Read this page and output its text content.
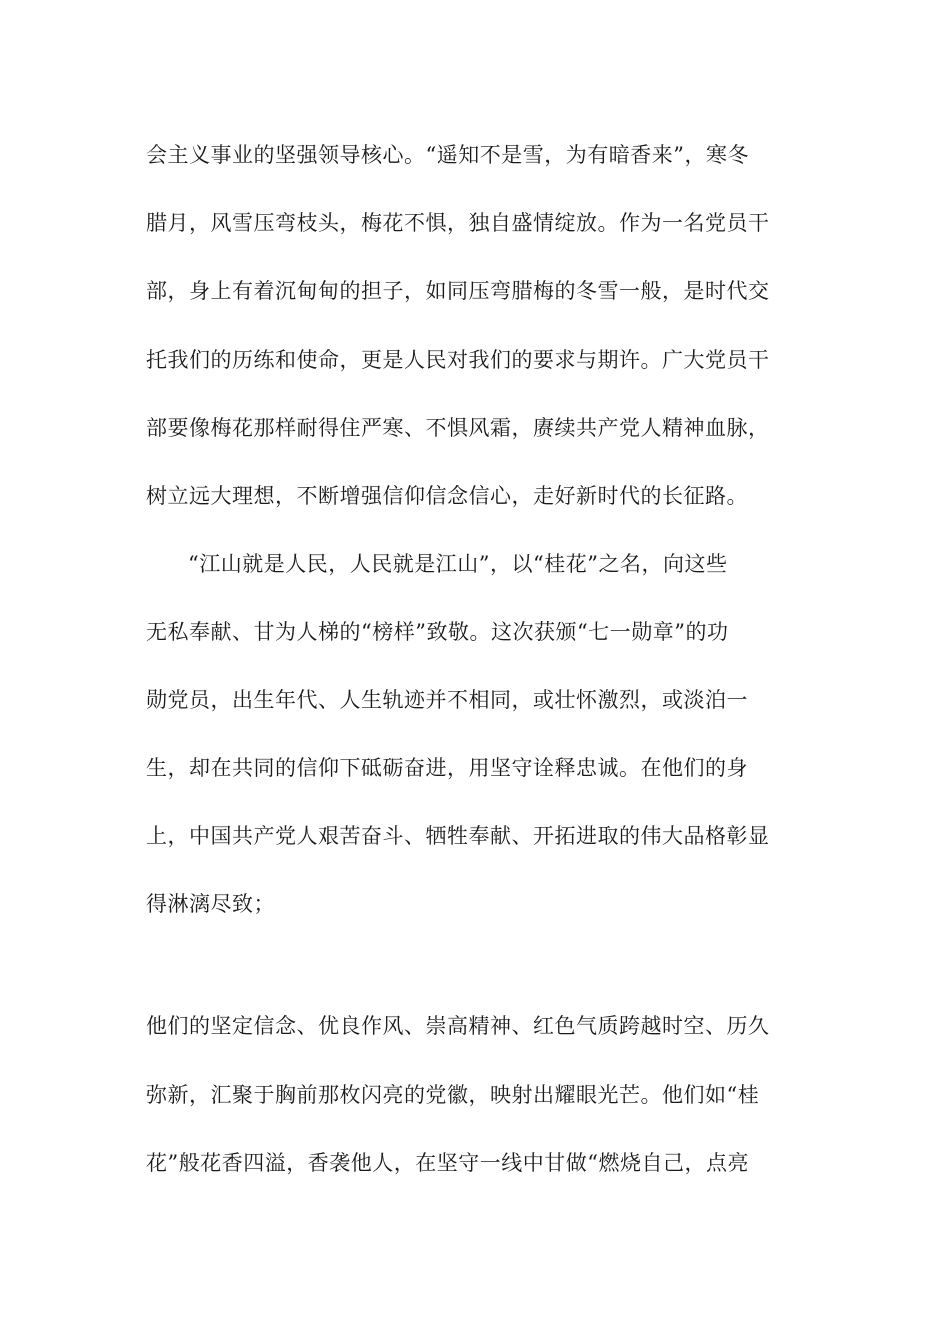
会主义事业的坚强领导核心。“遥知不是雪，为有暗香来”，寒冬
腊月，风雪压弯枝头，梅花不惧，独自盛情绽放。作为一名党员干
部，身上有着沉甸甸的担子，如同压弯腊梅的冬雪一般，是时代交
托我们的历练和使命，更是人民对我们的要求与期许。广大党员干
部要像梅花那样耐得住严寒、不惧风霜，赓续共产党人精神血脉，
树立远大理想，不断增强信仰信念信心，走好新时代的长征路。
“江山就是人民，人民就是江山”，以“桂花”之名，向这些
无私奉献、甘为人梯的“榜样”致敬。这次获颁“七一勋章”的功
勋党员，出生年代、人生轨迹并不相同，或壮怀激烈，或淡泊一
生，却在共同的信仰下砥砺奋进，用坚守诠释忠诚。在他们的身
上，中国共产党人艰苦奋斗、牺牲奉献、开拓进取的伟大品格彰显
得淋漓尽致；
他们的坚定信念、优良作风、崇高精神、红色气质跨越时空、历久
弥新，汇聚于胸前那枚闪亮的党徽，映射出耀眼光芒。他们如“桂
花”般花香四溢，香袭他人，在坚守一线中甘做“燃烧自己，点亮
